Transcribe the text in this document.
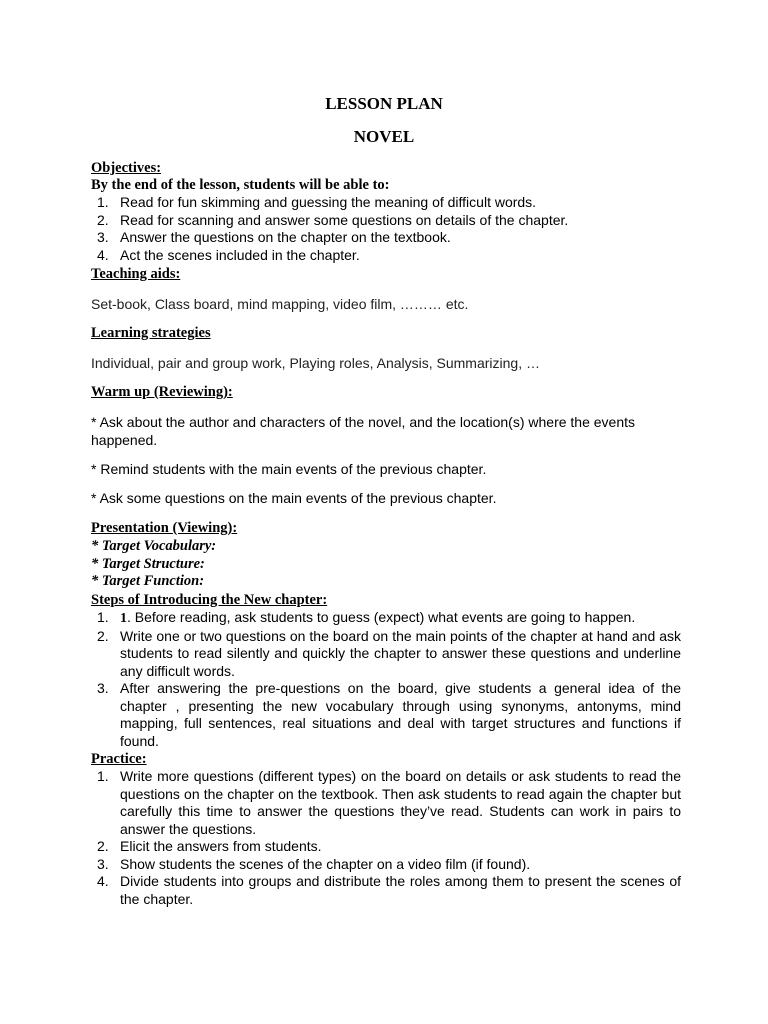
LESSON PLAN
NOVEL
Objectives:
By the end of the lesson, students will be able to:
1. Read for fun skimming and guessing the meaning of difficult words.
2. Read for scanning and answer some questions on details of the chapter.
3. Answer the questions on the chapter on the textbook.
4. Act the scenes included in the chapter.
Teaching aids:
Set-book, Class board, mind mapping, video film, ……… etc.
Learning strategies
Individual, pair and group work, Playing roles, Analysis, Summarizing, …
Warm up (Reviewing):
* Ask about the author and characters of the novel, and the location(s) where the events happened.
* Remind students with the main events of the previous chapter.
* Ask some questions on the main events of the previous chapter.
Presentation (Viewing):
* Target Vocabulary:
* Target Structure:
* Target Function:
Steps of Introducing the New chapter:
1. 1. Before reading, ask students to guess (expect) what events are going to happen.
2. Write one or two questions on the board on the main points of the chapter at hand and ask students to read silently and quickly the chapter to answer these questions and underline any difficult words.
3. After answering the pre-questions on the board, give students a general idea of the chapter , presenting the new vocabulary through using synonyms, antonyms, mind mapping, full sentences, real situations and deal with target structures and functions if found.
Practice:
1. Write more questions (different types) on the board on details or ask students to read the questions on the chapter on the textbook. Then ask students to read again the chapter but carefully this time to answer the questions they’ve read. Students can work in pairs to answer the questions.
2. Elicit the answers from students.
3. Show students the scenes of the chapter on a video film (if found).
4. Divide students into groups and distribute the roles among them to present the scenes of the chapter.
